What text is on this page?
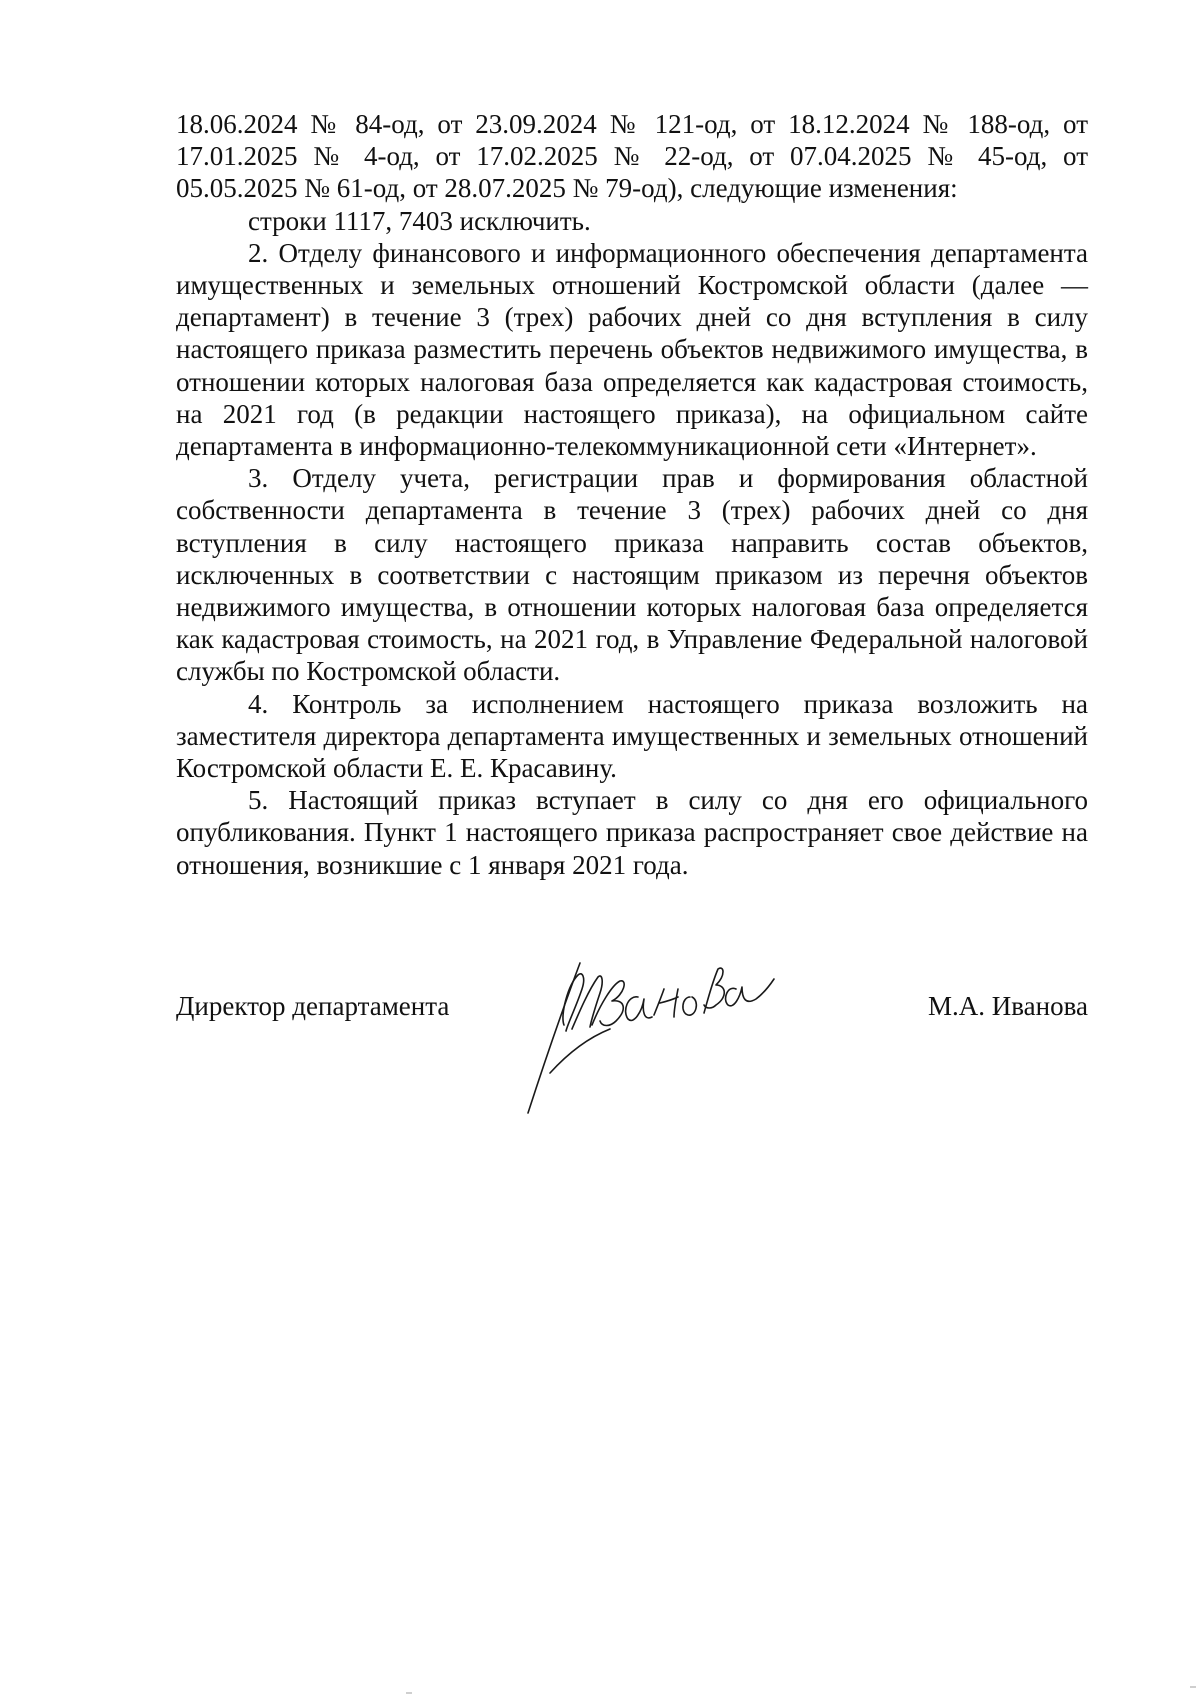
18.06.2024 № 84-од, от 23.09.2024 № 121-од, от 18.12.2024 № 188-од, от 17.01.2025 № 4-од, от 17.02.2025 № 22-од, от 07.04.2025 № 45-од, от 05.05.2025 № 61-од, от 28.07.2025 № 79-од), следующие изменения:

строки 1117, 7403 исключить.

2. Отделу финансового и информационного обеспечения департамента имущественных и земельных отношений Костромской области (далее — департамент) в течение 3 (трех) рабочих дней со дня вступления в силу настоящего приказа разместить перечень объектов недвижимого имущества, в отношении которых налоговая база определяется как кадастровая стоимость, на 2021 год (в редакции настоящего приказа), на официальном сайте департамента в информационно-телекоммуникационной сети «Интернет».

3. Отделу учета, регистрации прав и формирования областной собственности департамента в течение 3 (трех) рабочих дней со дня вступления в силу настоящего приказа направить состав объектов, исключенных в соответствии с настоящим приказом из перечня объектов недвижимого имущества, в отношении которых налоговая база определяется как кадастровая стоимость, на 2021 год, в Управление Федеральной налоговой службы по Костромской области.

4. Контроль за исполнением настоящего приказа возложить на заместителя директора департамента имущественных и земельных отношений Костромской области Е. Е. Красавину.

5. Настоящий приказ вступает в силу со дня его официального опубликования. Пункт 1 настоящего приказа распространяет свое действие на отношения, возникшие с 1 января 2021 года.

Директор департамента	М.А. Иванова
